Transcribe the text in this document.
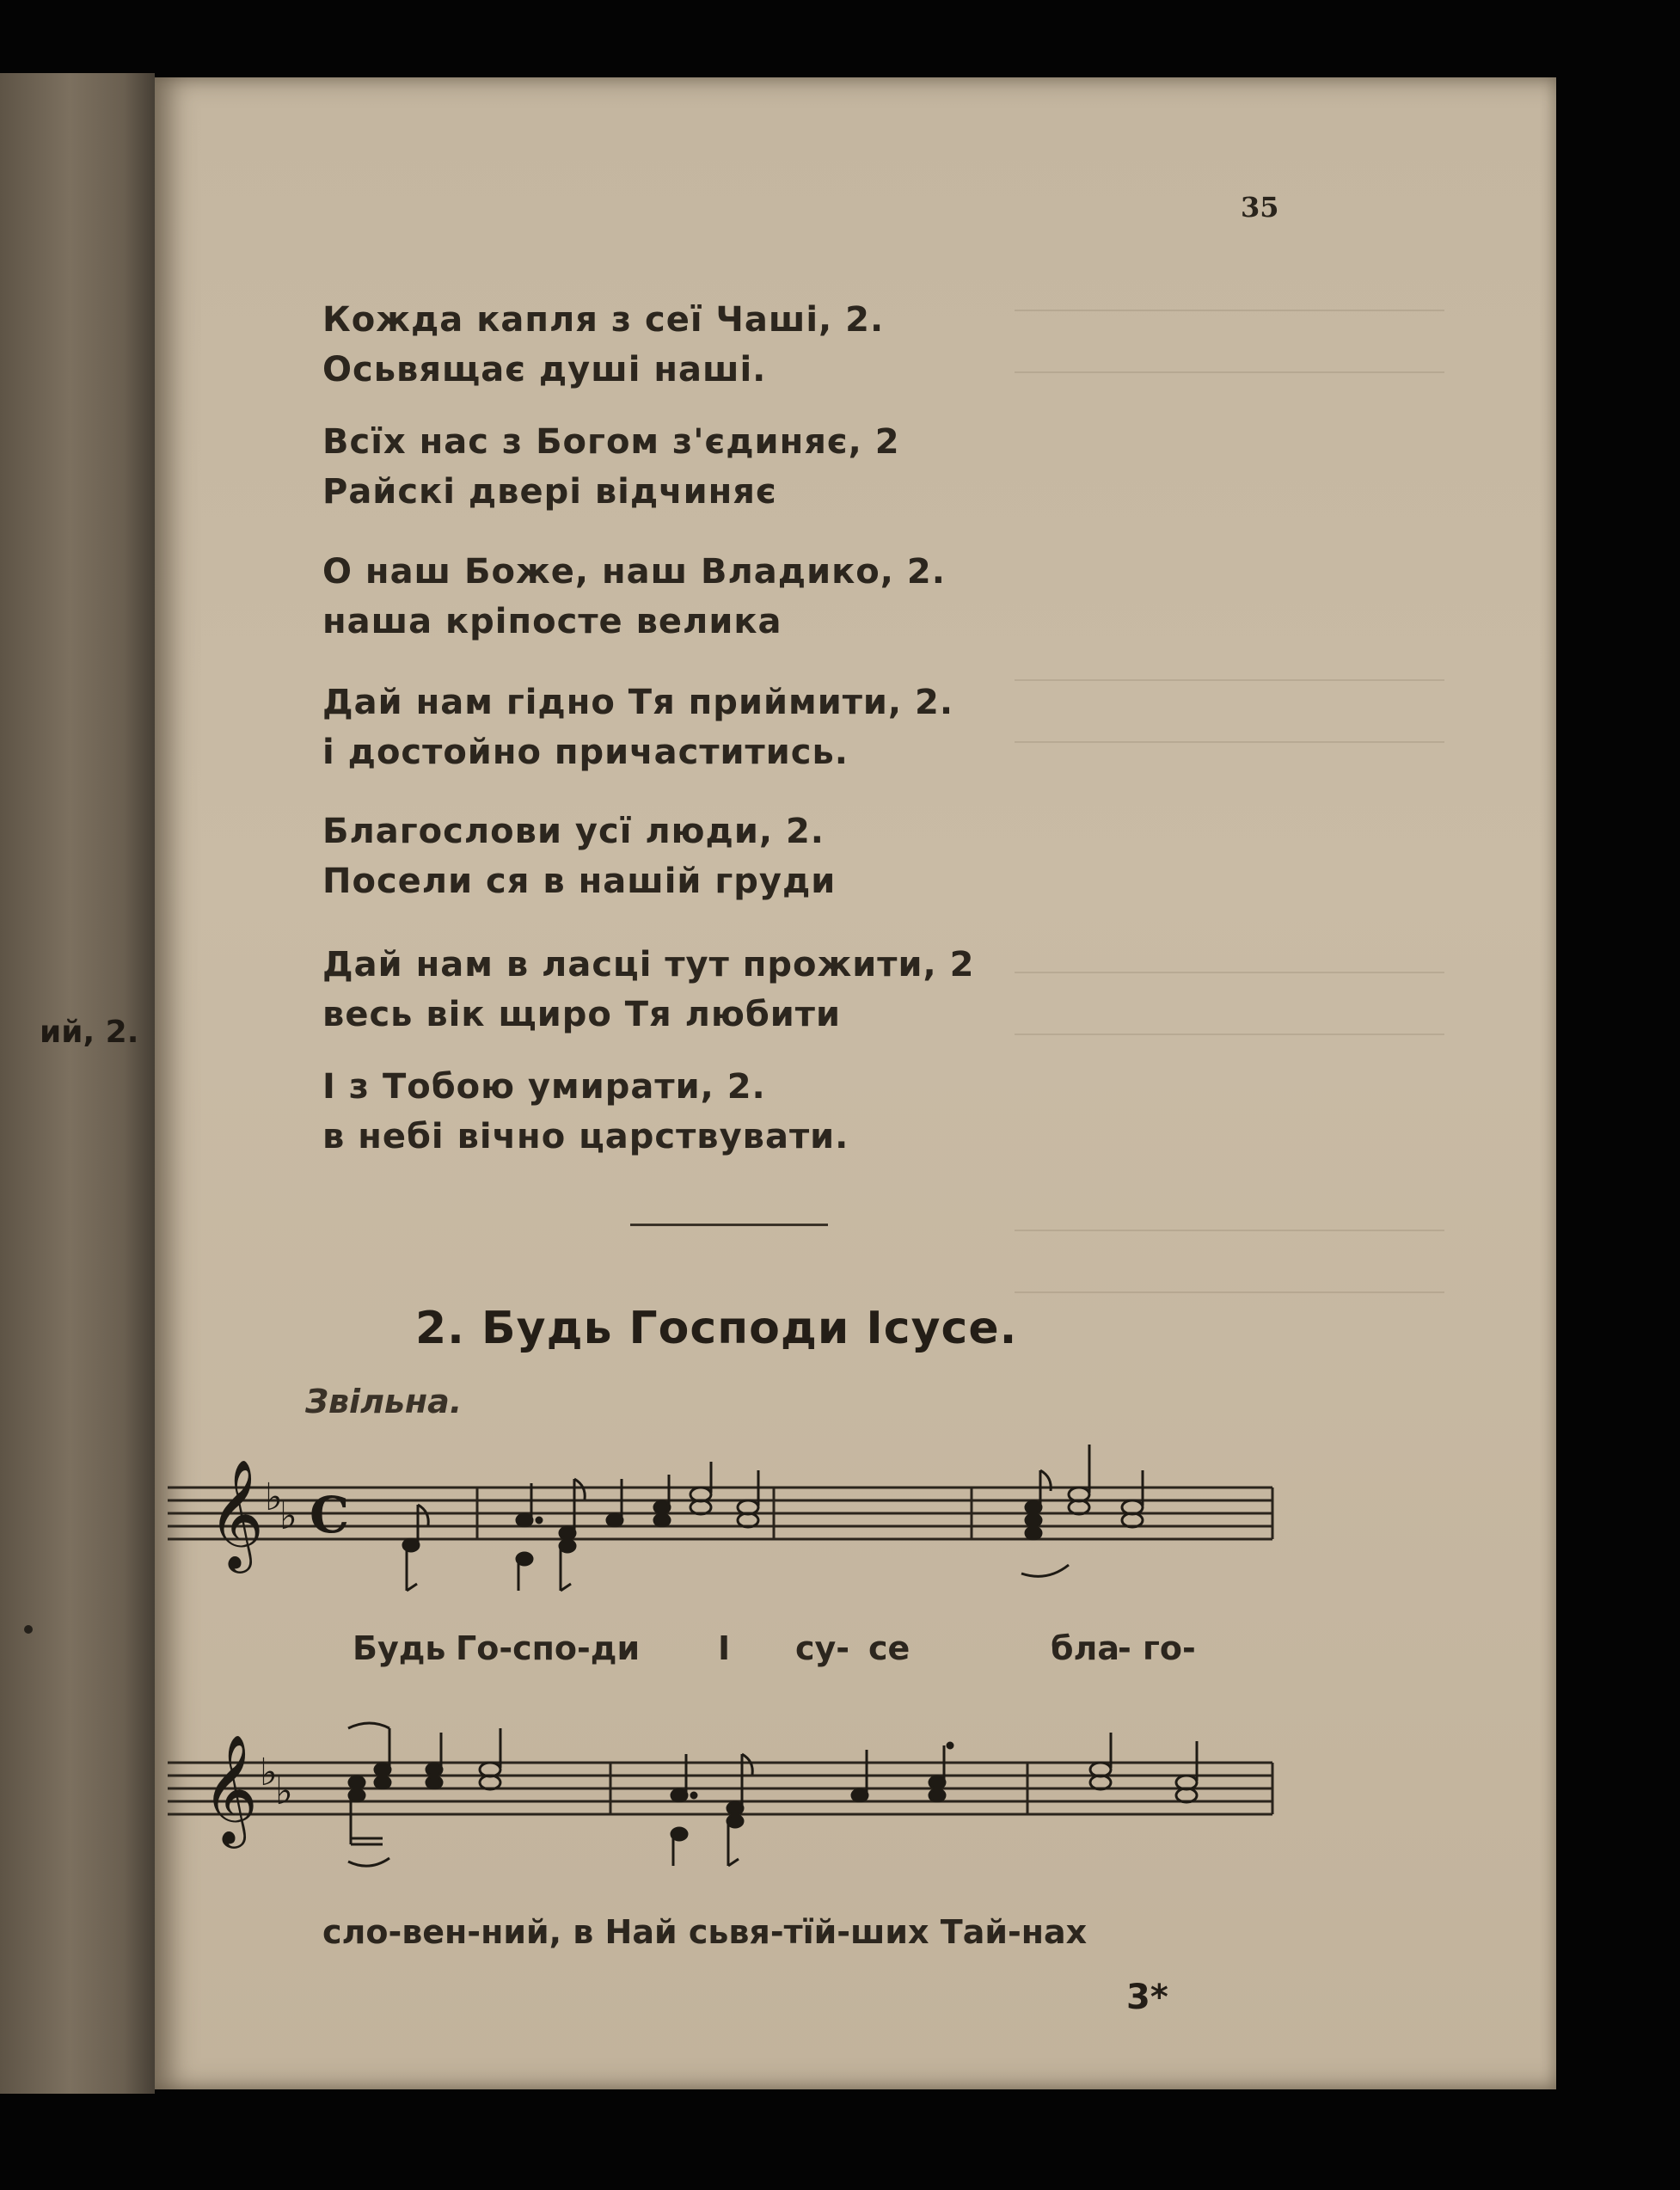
ий, 2.
35
Кожда капля з сеї Чаші, 2.
Осьвящає душі наші.
Всїх нас з Богом з'єдиняє, 2
Райскі двері відчиняє
О наш Боже, наш Владико, 2.
наша кріпосте велика
Дай нам гідно Тя приймити, 2.
і достойно причаститись.
Благослови усї люди, 2.
Посели ся в нашій груди
Дай нам в ласці тут прожити, 2
весь вік щиро Тя любити
І з Тобою умирати, 2.
в небі вічно царствувати.
2. Будь Господи Ісусе.
Звільна.
𝄞 ♭
♭ C
Будь Го-спо-ди І су- се	бла
- го-
𝄞 ♭
♭
сло-вен-ний, в Най сьвя-тїй-ших Тай-нах
3*
